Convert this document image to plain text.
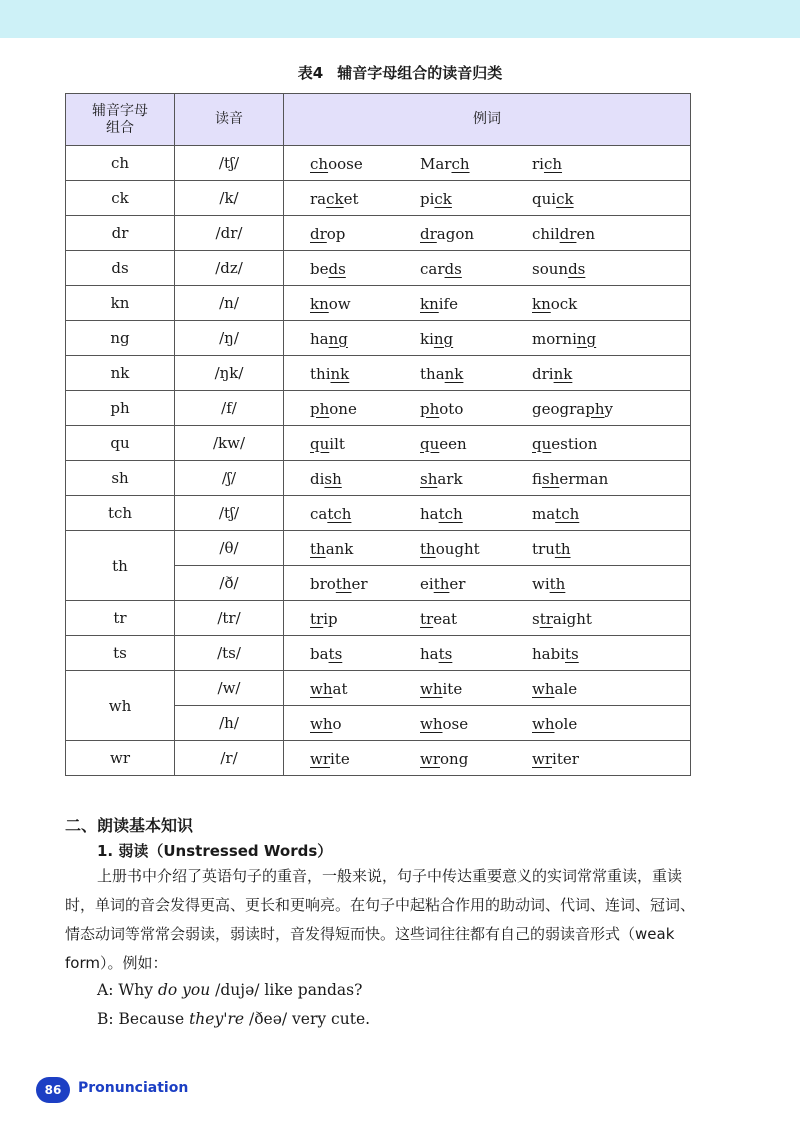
表4 辅音字母组合的读音归类
辅音字母组合	读音	例词
ch	/tʃ/	choose March rich
ck	/k/	racket pick quick
dr	/dr/	drop dragon children
ds	/dz/	beds cards sounds
kn	/n/	know knife knock
ng	/ŋ/	hang king morning
nk	/ŋk/	think thank drink
ph	/f/	phone photo geography
qu	/kw/	quilt queen question
sh	/ʃ/	dish shark fisherman
tch	/tʃ/	catch hatch match
th	/θ/	thank thought truth
	/ð/	brother either with
tr	/tr/	trip treat straight
ts	/ts/	bats hats habits
wh	/w/	what white whale
	/h/	who whose whole
wr	/r/	write wrong writer
二、朗读基本知识
1. 弱读（Unstressed Words）
上册书中介绍了英语句子的重音，一般来说，句子中传达重要意义的实词常常重读，重读时，单词的音会发得更高、更长和更响亮。在句子中起粘合作用的助动词、代词、连词、冠词、情态动词等常常会弱读，弱读时，音发得短而快。这些词往往都有自己的弱读音形式（weak form）。例如：
A: Why do you /dujə/ like pandas?
B: Because they're /ðeə/ very cute.
86	Pronunciation
